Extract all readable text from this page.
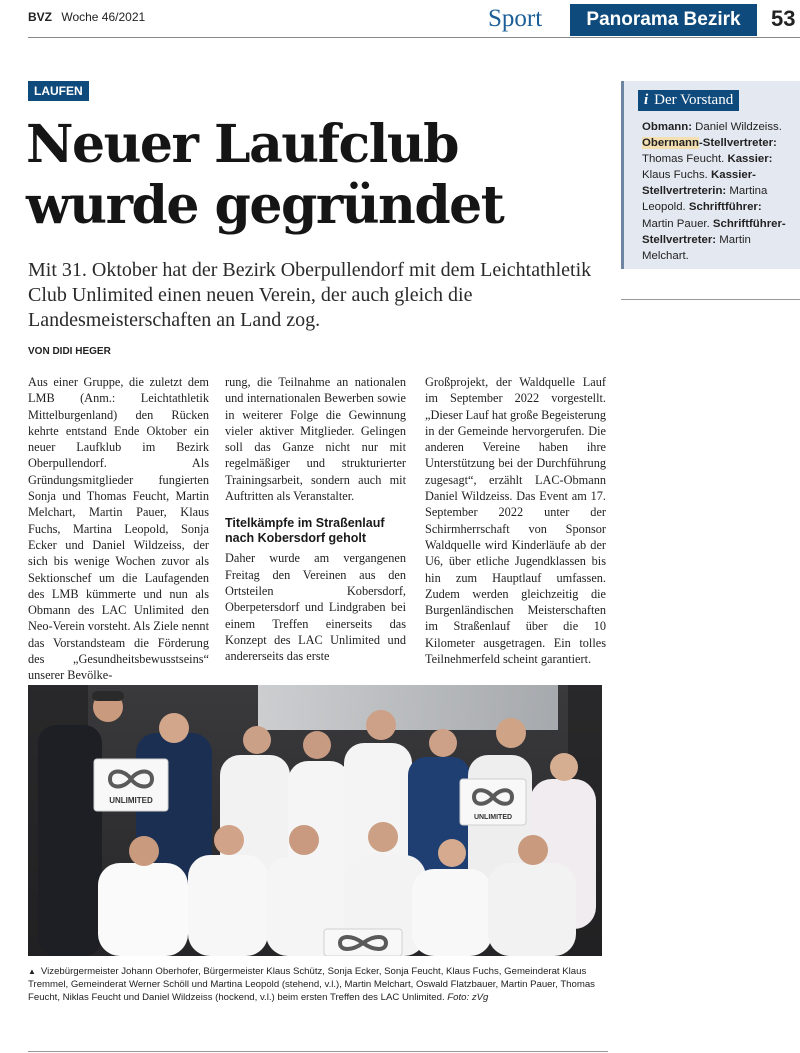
BVZ Woche 46/2021	Sport	Panorama Bezirk	53
LAUFEN
Neuer Laufclub
wurde gegründet

Mit 31. Oktober hat der Bezirk Oberpullendorf mit dem Leichtathletik Club Unlimited einen neuen Verein, der auch gleich die Landesmeisterschaften an Land zog.

VON DIDI HEGER
Aus einer Gruppe, die zuletzt dem LMB (Anm.: Leichtathletik Mittelburgenland) den Rücken kehrte entstand Ende Oktober ein neuer Laufklub im Bezirk Oberpullendorf. Als Gründungsmitglieder fungierten Sonja und Thomas Feucht, Martin Melchart, Martin Pauer, Klaus Fuchs, Martina Leopold, Sonja Ecker und Daniel Wildzeiss, der sich bis wenige Wochen zuvor als Sektionschef um die Laufagenden des LMB kümmerte und nun als Obmann des LAC Unlimited den Neo-Verein vorsteht. Als Ziele nennt das Vorstandsteam die Förderung des „Gesundheitsbewusstseins“ unserer Bevölke-
rung, die Teilnahme an nationalen und internationalen Bewerben sowie in weiterer Folge die Gewinnung vieler aktiver Mitglieder. Gelingen soll das Ganze nicht nur mit regelmäßiger und strukturierter Trainingsarbeit, sondern auch mit Auftritten als Veranstalter.
Titelkämpfe im Straßenlauf nach Kobersdorf geholt
Daher wurde am vergangenen Freitag den Vereinen aus den Ortsteilen Kobersdorf, Oberpetersdorf und Lindgraben bei einem Treffen einerseits das Konzept des LAC Unlimited und andererseits das erste
Großprojekt, der Waldquelle Lauf im September 2022 vorgestellt. „Dieser Lauf hat große Begeisterung in der Gemeinde hervorgerufen. Die anderen Vereine haben ihre Unterstützung bei der Durchführung zugesagt“, erzählt LAC-Obmann Daniel Wildzeiss. Das Event am 17. September 2022 unter der Schirmherrschaft von Sponsor Waldquelle wird Kinderläufe ab der U6, über etliche Jugendklassen bis hin zum Hauptlauf umfassen. Zudem werden gleichzeitig die Burgenländischen Meisterschaften im Straßenlauf über die 10 Kilometer ausgetragen. Ein tolles Teilnehmerfeld scheint garantiert.
i Der Vorstand
Obmann: Daniel Wildzeiss. Obermann-Stellvertreter: Thomas Feucht. Kassier: Klaus Fuchs. Kassier-Stellvertreterin: Martina Leopold. Schriftführer: Martin Pauer. Schriftführer-Stellvertreter: Martin Melchart.
UNLIMITED
UNLIMITED
▲ Vizebürgermeister Johann Oberhofer, Bürgermeister Klaus Schütz, Sonja Ecker, Sonja Feucht, Klaus Fuchs, Gemeinderat Klaus Tremmel, Gemeinderat Werner Schöll und Martina Leopold (stehend, v.l.), Martin Melchart, Oswald Flatzbauer, Martin Pauer, Thomas Feucht, Niklas Feucht und Daniel Wildzeiss (hockend, v.l.) beim ersten Treffen des LAC Unlimited. Foto: zVg
